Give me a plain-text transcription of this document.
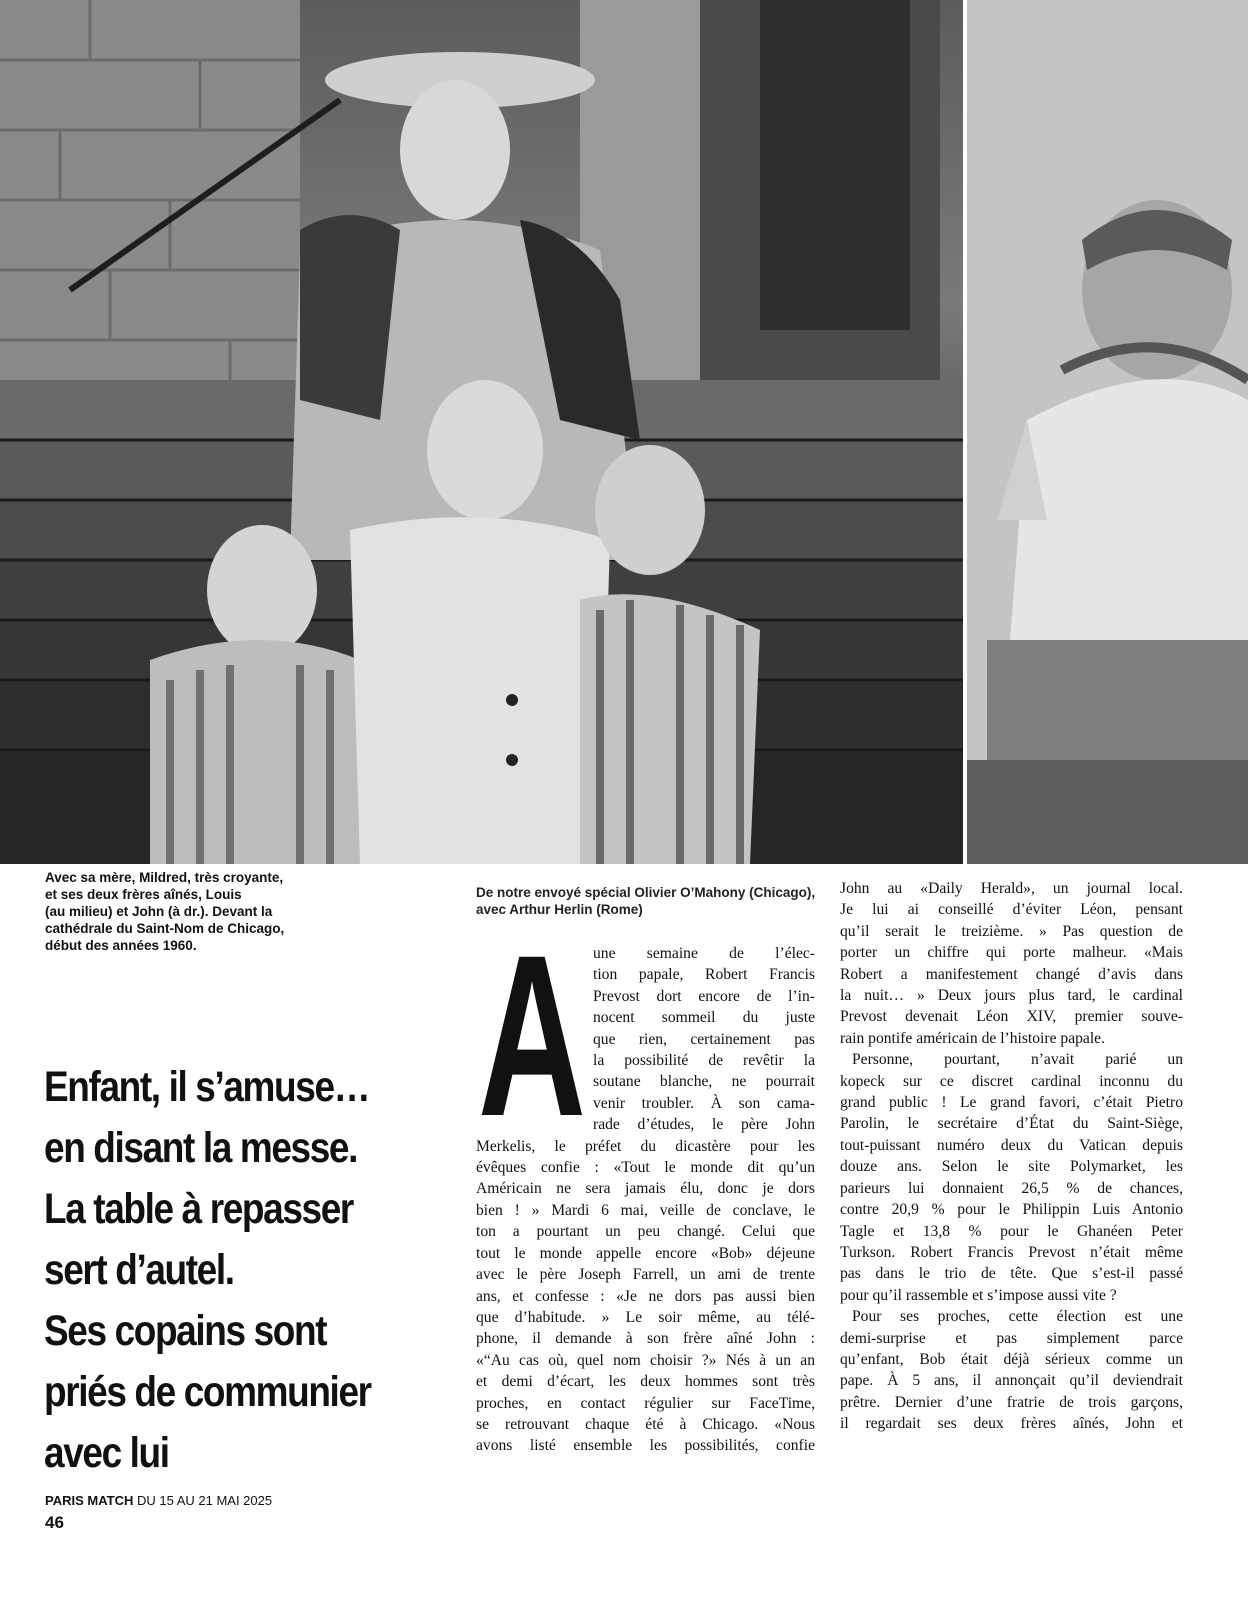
Avec sa mère, Mildred, très croyante,
et ses deux frères aînés, Louis
(au milieu) et John (à dr.). Devant la
cathédrale du Saint-Nom de Chicago,
début des années 1960.
Enfant, il s’amuse…
en disant la messe.
La table à repasser
sert d’autel.
Ses copains sont
priés de communier
avec lui
De notre envoyé spécial Olivier O’Mahony (Chicago),
avec Arthur Herlin (Rome)
A une semaine de l’élec-
tion papale, Robert Francis
Prevost dort encore de l’in-
nocent sommeil du juste
que rien, certainement pas
la possibilité de revêtir la
soutane blanche, ne pourrait
venir troubler. À son cama-
rade d’études, le père John
Merkelis, le préfet du dicastère pour les
évêques confie : «Tout le monde dit qu’un
Américain ne sera jamais élu, donc je dors
bien ! » Mardi 6 mai, veille de conclave, le
ton a pourtant un peu changé. Celui que
tout le monde appelle encore «Bob» déjeune
avec le père Joseph Farrell, un ami de trente
ans, et confesse : «Je ne dors pas aussi bien
que d’habitude. » Le soir même, au télé-
phone, il demande à son frère aîné John :
«“Au cas où, quel nom choisir ?» Nés à un an
et demi d’écart, les deux hommes sont très
proches, en contact régulier sur FaceTime,
se retrouvant chaque été à Chicago. «Nous
avons listé ensemble les possibilités, confie
John au «Daily Herald», un journal local.
Je lui ai conseillé d’éviter Léon, pensant
qu’il serait le treizième. » Pas question de
porter un chiffre qui porte malheur. «Mais
Robert a manifestement changé d’avis dans
la nuit… » Deux jours plus tard, le cardinal
Prevost devenait Léon XIV, premier souve-
rain pontife américain de l’histoire papale.
Personne, pourtant, n’avait parié un
kopeck sur ce discret cardinal inconnu du
grand public ! Le grand favori, c’était Pietro
Parolin, le secrétaire d’État du Saint-Siège,
tout-puissant numéro deux du Vatican depuis
douze ans. Selon le site Polymarket, les
parieurs lui donnaient 26,5 % de chances,
contre 20,9 % pour le Philippin Luis Antonio
Tagle et 13,8 % pour le Ghanéen Peter
Turkson. Robert Francis Prevost n’était même
pas dans le trio de tête. Que s’est-il passé
pour qu’il rassemble et s’impose aussi vite ?
Pour ses proches, cette élection est une
demi-surprise et pas simplement parce
qu’enfant, Bob était déjà sérieux comme un
pape. À 5 ans, il annonçait qu’il deviendrait
prêtre. Dernier d’une fratrie de trois garçons,
il regardait ses deux frères aînés, John et
PARIS MATCH DU 15 AU 21 MAI 2025
46
